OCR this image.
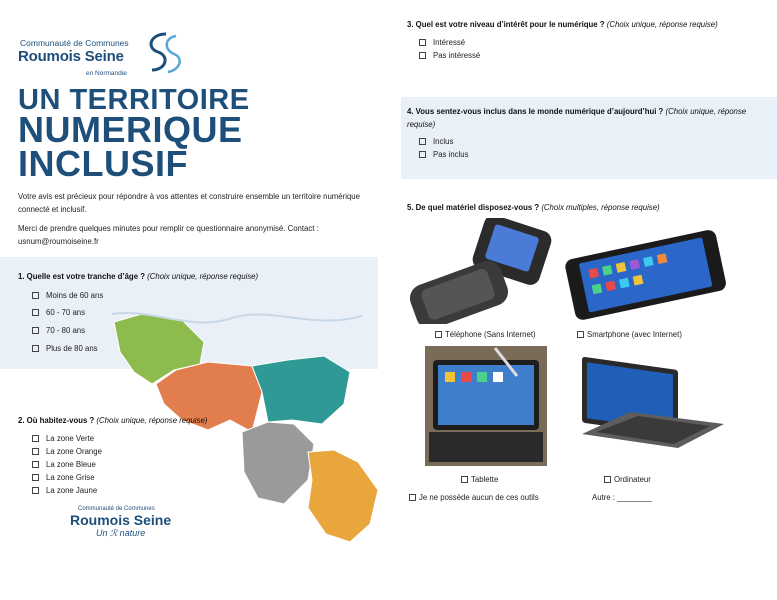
Communauté de Communes
Roumois Seine
en Normandie
UN TERRITOIRE
NUMERIQUE
INCLUSIF
Votre avis est précieux pour répondre à vos attentes et construire ensemble un territoire numérique connecté et inclusif.
Merci de prendre quelques minutes pour remplir ce questionnaire anonymisé. Contact : usnum@roumoiseine.fr
1. Quelle est votre tranche d’âge ? (Choix unique, réponse requise)
Moins de 60 ans
60 - 70 ans
70 - 80 ans
Plus de 80 ans
2. Où habitez-vous ? (Choix unique, réponse requise)
La zone Verte
La zone Orange
La zone Bleue
La zone Grise
La zone Jaune
Communauté de Communes
Roumois Seine
Un ℛ nature
3. Quel est votre niveau d’intérêt pour le numérique ? (Choix unique, réponse requise)
Intéressé
Pas intéressé
4. Vous sentez-vous inclus dans le monde numérique d’aujourd’hui ? (Choix unique, réponse requise)
Inclus
Pas inclus
5. De quel matériel disposez-vous ? (Choix multiples, réponse requise)
Téléphone (Sans Internet)	Smartphone (avec Internet)
Tablette	Ordinateur
Je ne possède aucun de ces outils	Autre : ________
